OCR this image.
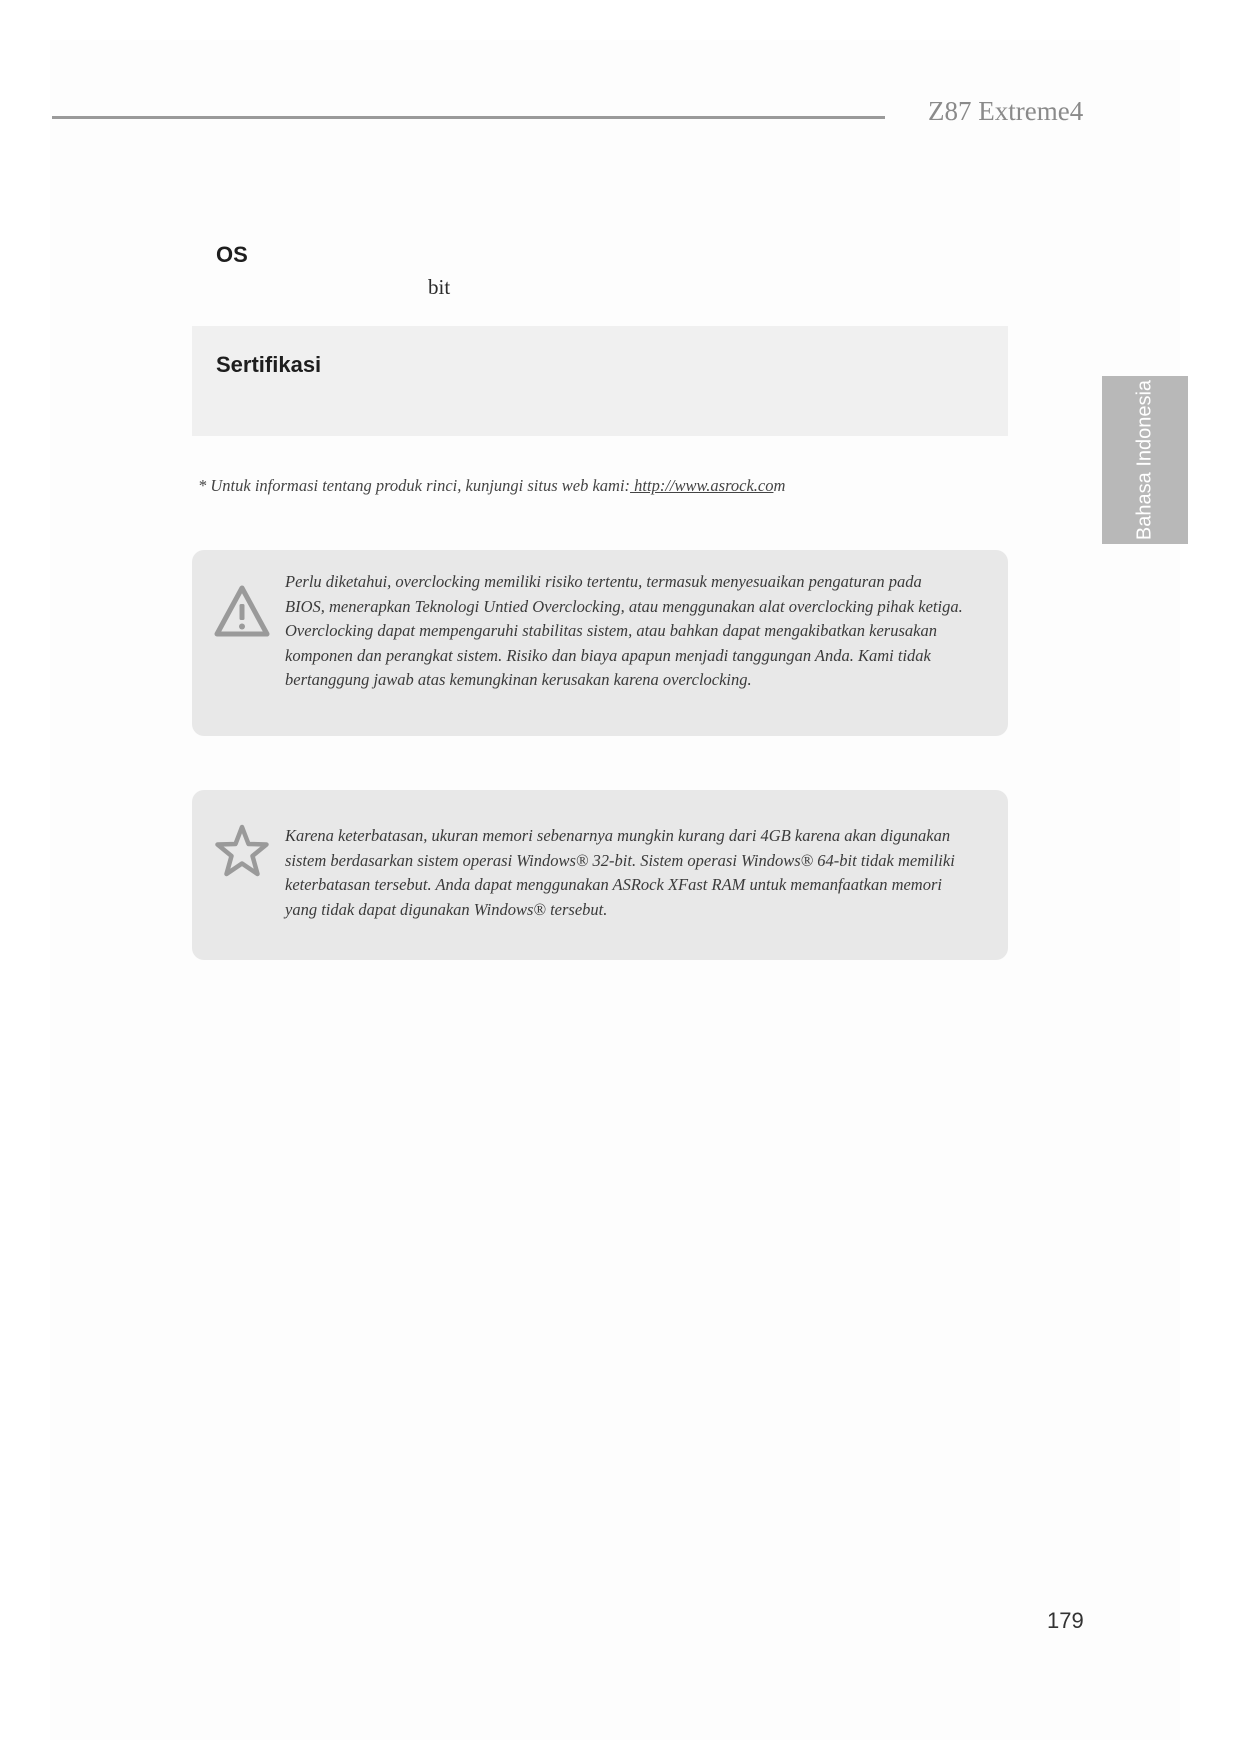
Z87 Extreme4
Bahasa Indonesia
OS
bit
Sertifikasi
* Untuk informasi tentang produk rinci, kunjungi situs web kami: http://www.asrock.com
Perlu diketahui, overclocking memiliki risiko tertentu, termasuk menyesuaikan pengaturan pada BIOS, menerapkan Teknologi Untied Overclocking, atau menggunakan alat overclocking pihak ketiga. Overclocking dapat mempengaruhi stabilitas sistem, atau bahkan dapat mengakibatkan kerusakan komponen dan perangkat sistem. Risiko dan biaya apapun menjadi tanggungan Anda. Kami tidak bertanggung jawab atas kemungkinan kerusakan karena overclocking.
Karena keterbatasan, ukuran memori sebenarnya mungkin kurang dari 4GB karena akan digunakan sistem berdasarkan sistem operasi Windows® 32-bit. Sistem operasi Windows® 64-bit tidak memiliki keterbatasan tersebut. Anda dapat menggunakan ASRock XFast RAM untuk memanfaatkan memori yang tidak dapat digunakan Windows® tersebut.
179
